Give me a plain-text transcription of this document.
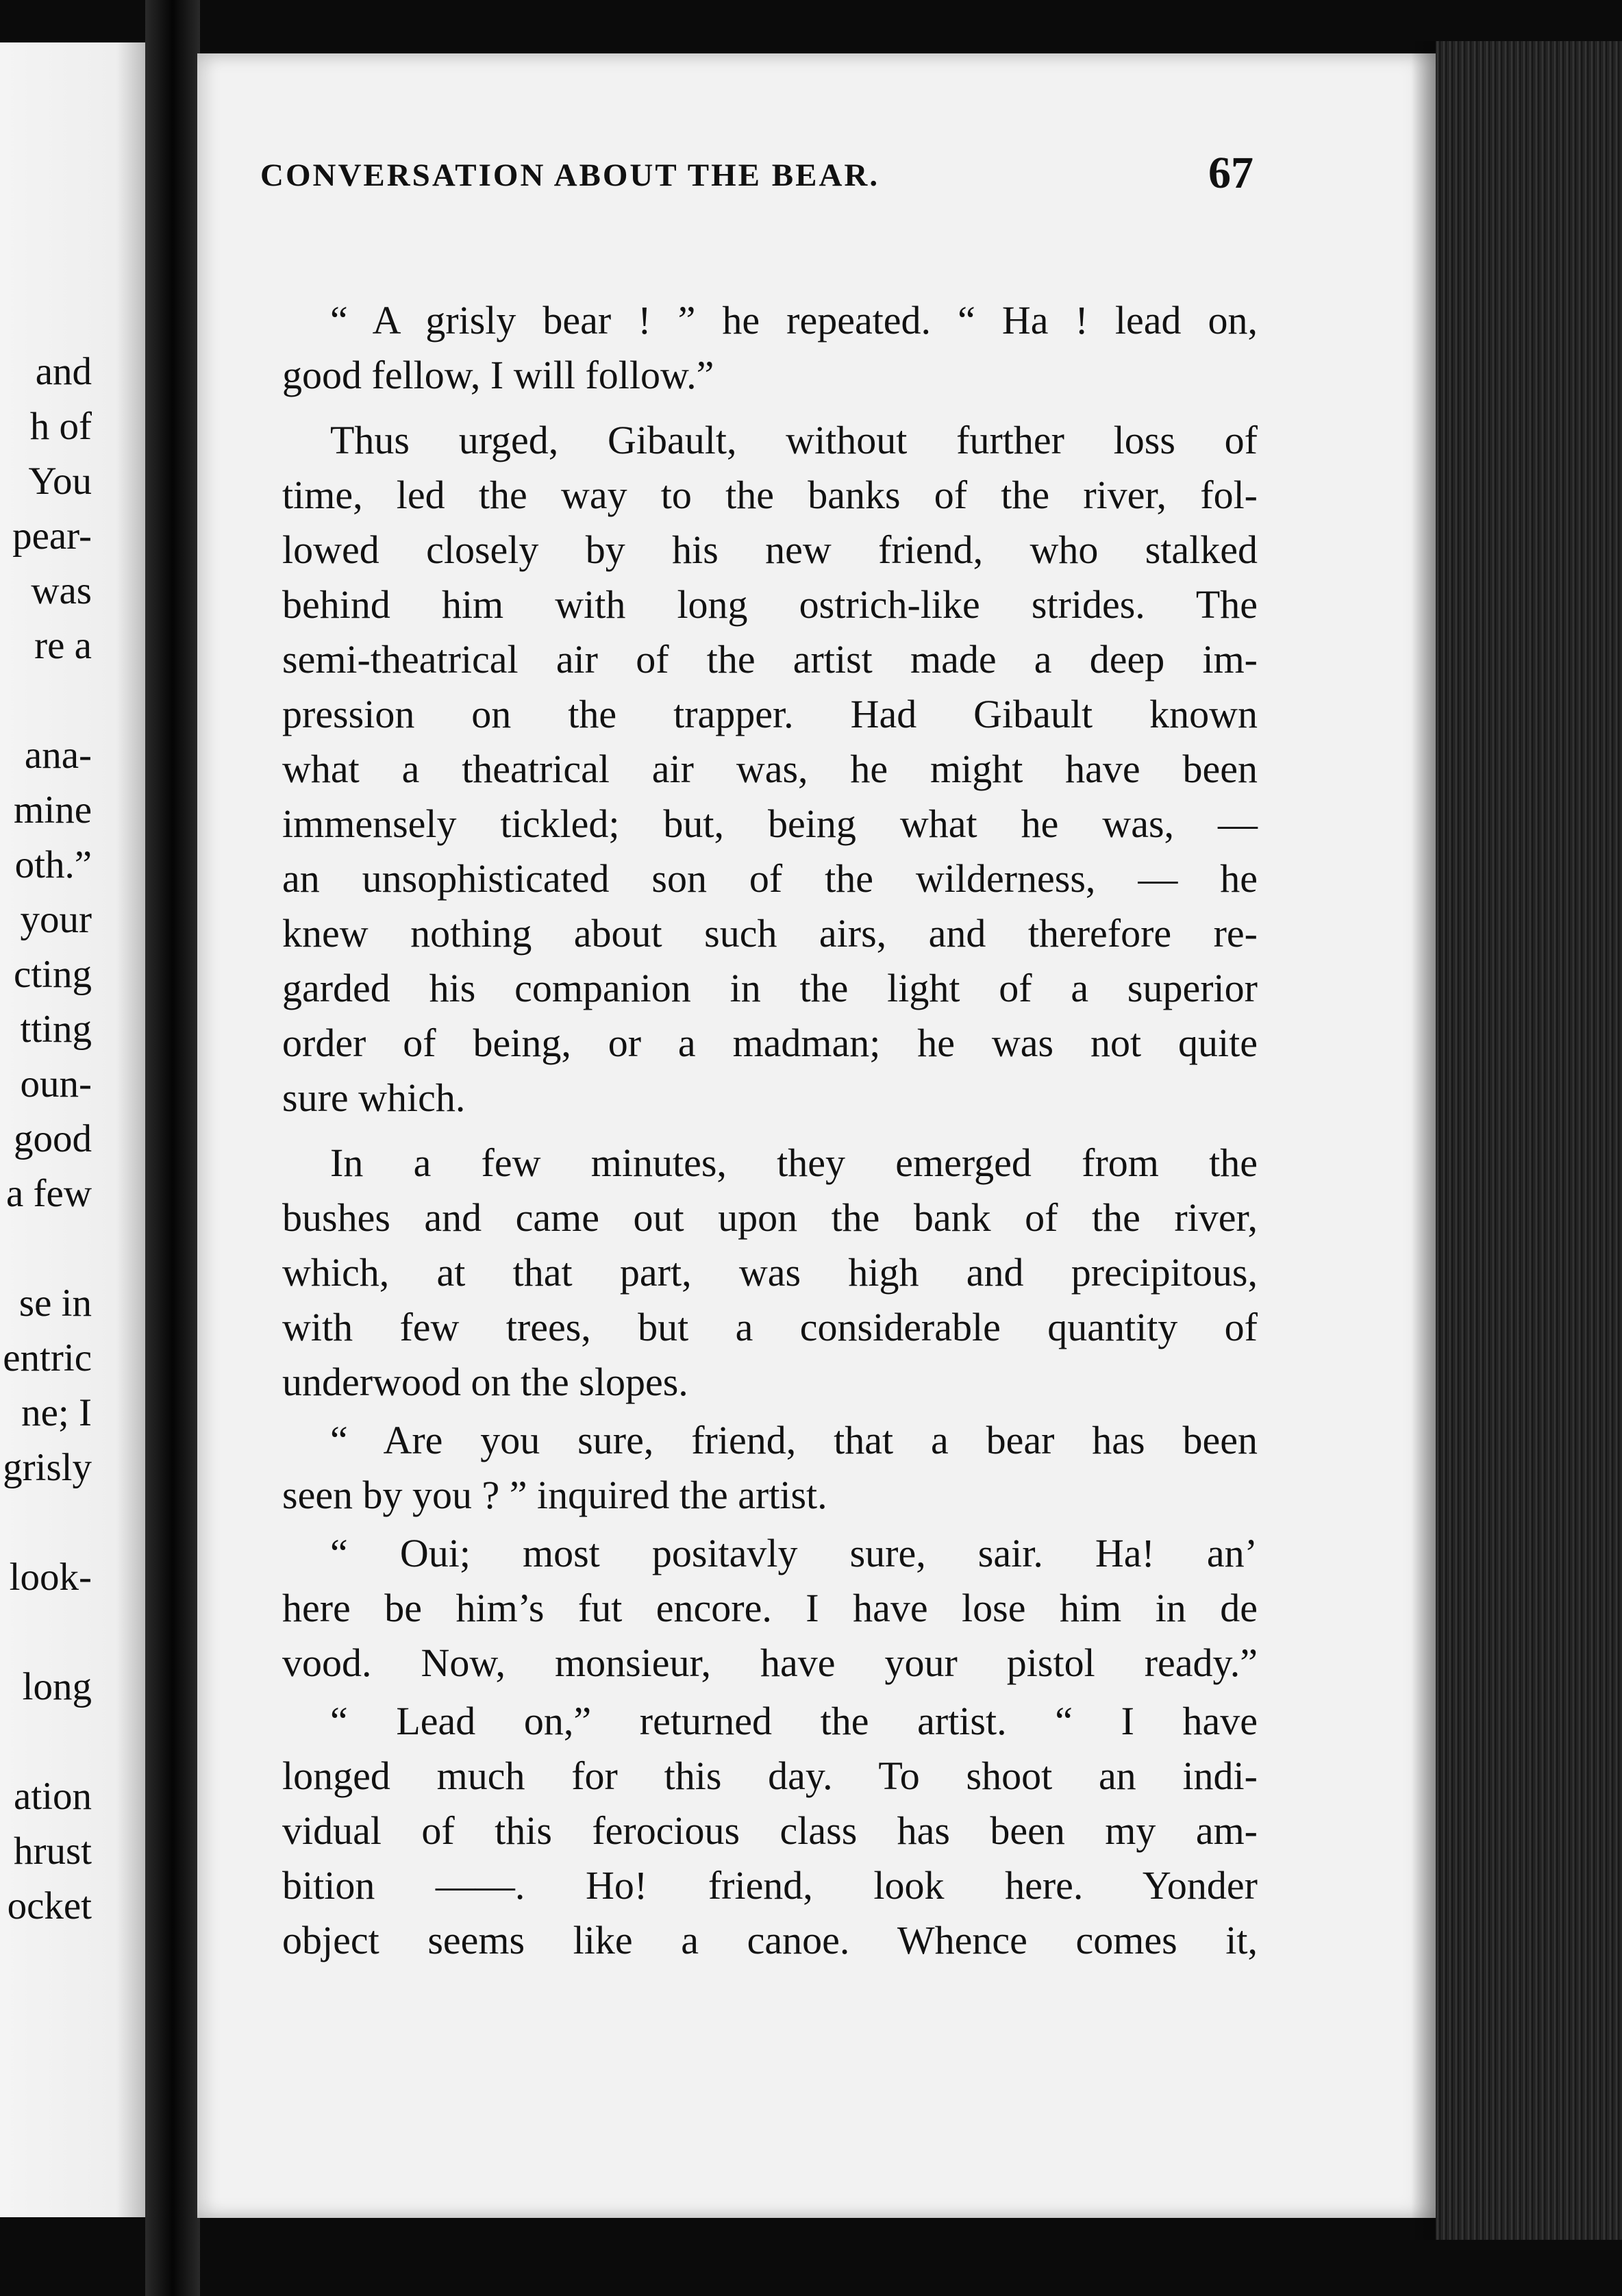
and
h of
You
pear-
was
re a
ana-
mine
oth.”
your
cting
tting
oun-
good
a few
se in
entric
ne; I
grisly
look-
long
ation
hrust
ocket
CONVERSATION ABOUT THE BEAR.	67
“ A grisly bear ! ” he repeated. “ Ha ! lead on,
good fellow, I will follow.”
Thus urged, Gibault, without further loss of
time, led the way to the banks of the river, fol-
lowed closely by his new friend, who stalked
behind him with long ostrich-like strides. The
semi-theatrical air of the artist made a deep im-
pression on the trapper. Had Gibault known
what a theatrical air was, he might have been
immensely tickled; but, being what he was, —
an unsophisticated son of the wilderness, — he
knew nothing about such airs, and therefore re-
garded his companion in the light of a superior
order of being, or a madman; he was not quite
sure which.
In a few minutes, they emerged from the
bushes and came out upon the bank of the river,
which, at that part, was high and precipitous,
with few trees, but a considerable quantity of
underwood on the slopes.
“ Are you sure, friend, that a bear has been
seen by you ? ” inquired the artist.
“ Oui; most positavly sure, sair. Ha! an’
here be him’s fut encore. I have lose him in de
vood. Now, monsieur, have your pistol ready.”
“ Lead on,” returned the artist. “ I have
longed much for this day. To shoot an indi-
vidual of this ferocious class has been my am-
bition ——. Ho! friend, look here. Yonder
object seems like a canoe. Whence comes it,
